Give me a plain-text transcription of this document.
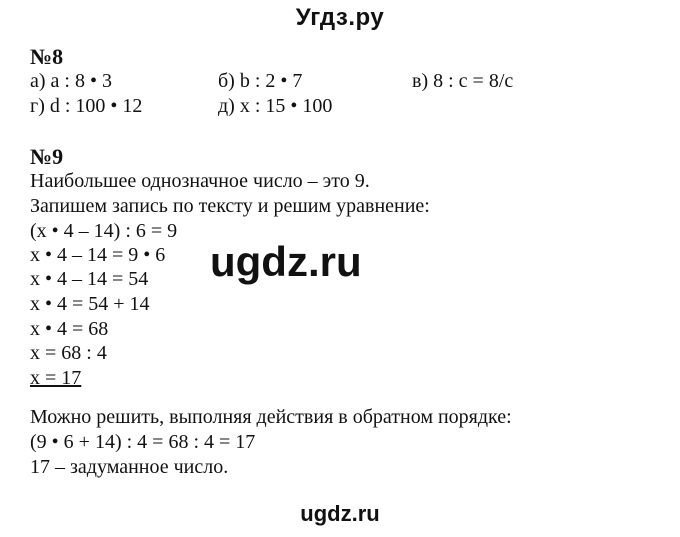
Угдз.ру
№8
а) a : 8 • 3	б) b : 2 • 7	в) 8 : c = 8/c
г) d : 100 • 12	д) x : 15 • 100
№9
Наибольшее однозначное число – это 9.
Запишем запись по тексту и решим уравнение:
(x • 4 – 14) : 6 = 9
x • 4 – 14 = 9 • 6
x • 4 – 14 = 54
x • 4 = 54 + 14
x • 4 = 68
x = 68 : 4
x = 17
Можно решить, выполняя действия в обратном порядке:
(9 • 6 + 14) : 4 = 68 : 4 = 17
17 – задуманное число.
ugdz.ru
ugdz.ru
